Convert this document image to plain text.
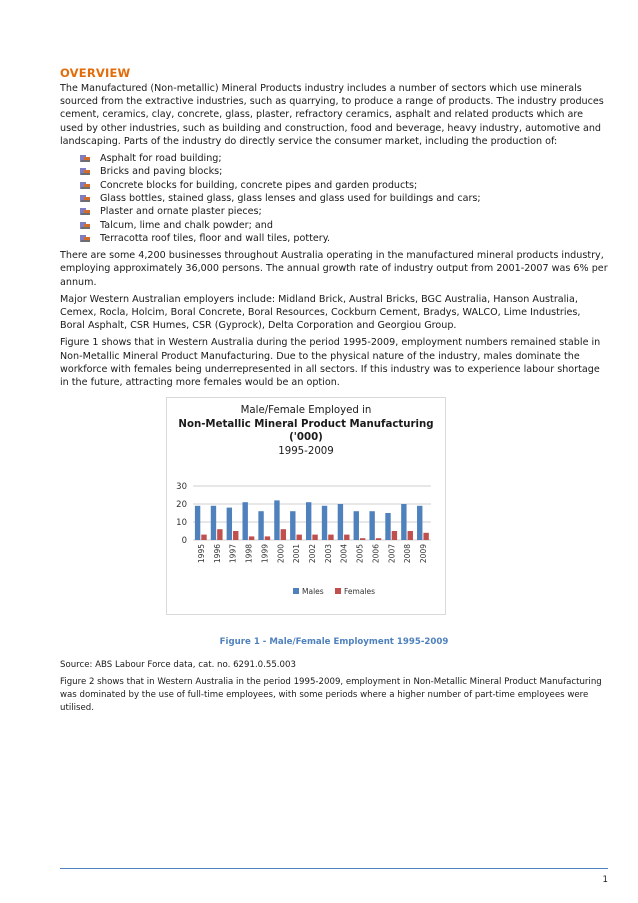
OVERVIEW

The Manufactured (Non-metallic) Mineral Products industry includes a number of sectors which use minerals sourced from the extractive industries, such as quarrying, to produce a range of products. The industry produces cement, ceramics, clay, concrete, glass, plaster, refractory ceramics, asphalt and related products which are used by other industries, such as building and construction, food and beverage, heavy industry, automotive and landscaping. Parts of the industry do directly service the consumer market, including the production of:

Asphalt for road building;
Bricks and paving blocks;
Concrete blocks for building, concrete pipes and garden products;
Glass bottles, stained glass, glass lenses and glass used for buildings and cars;
Plaster and ornate plaster pieces;
Talcum, lime and chalk powder; and
Terracotta roof tiles, floor and wall tiles, pottery.

There are some 4,200 businesses throughout Australia operating in the manufactured mineral products industry, employing approximately 36,000 persons. The annual growth rate of industry output from 2001-2007 was 6% per annum.

Major Western Australian employers include: Midland Brick, Austral Bricks, BGC Australia, Hanson Australia, Cemex, Rocla, Holcim, Boral Concrete, Boral Resources, Cockburn Cement, Bradys, WALCO, Lime Industries, Boral Asphalt, CSR Humes, CSR (Gyprock), Delta Corporation and Georgiou Group.

Figure 1 shows that in Western Australia during the period 1995-2009, employment numbers remained stable in Non-Metallic Mineral Product Manufacturing. Due to the physical nature of the industry, males dominate the workforce with females being underrepresented in all sectors. If this industry was to experience labour shortage in the future, attracting more females would be an option.

Male/Female Employed in
Non-Metallic Mineral Product Manufacturing
('000)
1995-2009
0
10
20
30
1995 1996 1997 1998 1999 2000 2001 2002 2003 2004 2005 2006 2007 2008 2009
Males	Females
Figure 1 - Male/Female Employment 1995-2009

Source: ABS Labour Force data, cat. no. 6291.0.55.003

Figure 2 shows that in Western Australia in the period 1995-2009, employment in Non-Metallic Mineral Product Manufacturing was dominated by the use of full-time employees, with some periods where a higher number of part-time employees were utilised.

1
